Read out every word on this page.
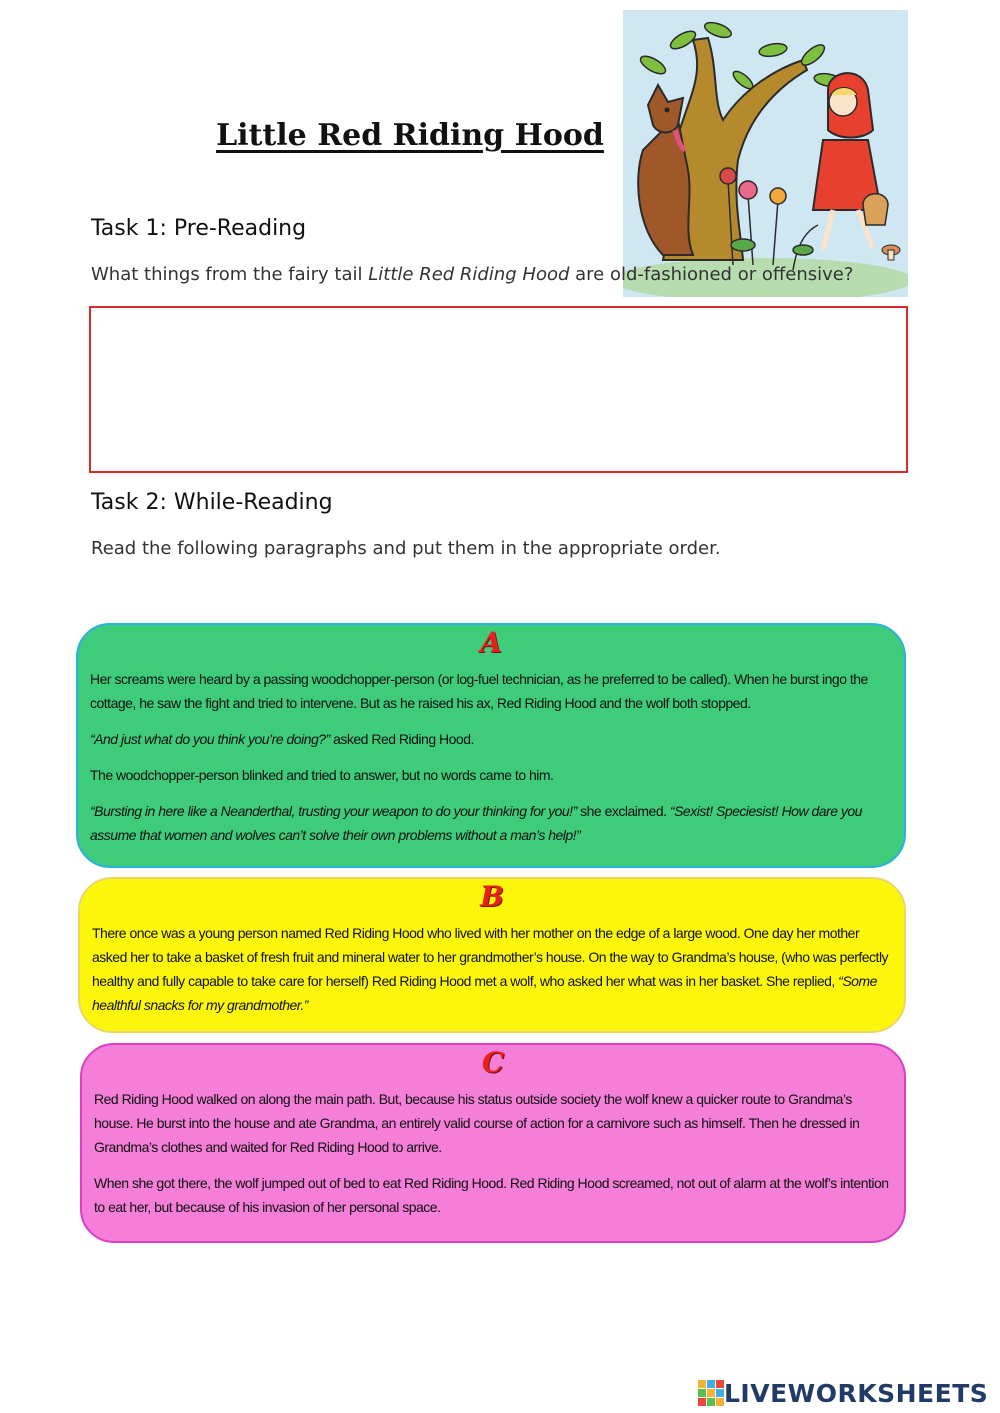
Little Red Riding Hood
Task 1: Pre-Reading
What things from the fairy tail Little Red Riding Hood are old-fashioned or offensive?
Task 2: While-Reading
Read the following paragraphs and put them in the appropriate order.
A

Her screams were heard by a passing woodchopper-person (or log-fuel technician, as he preferred to be called). When he burst ingo the cottage, he saw the fight and tried to intervene. But as he raised his ax, Red Riding Hood and the wolf both stopped.

“And just what do you think you’re doing?” asked Red Riding Hood.

The woodchopper-person blinked and tried to answer, but no words came to him.

“Bursting in here like a Neanderthal, trusting your weapon to do your thinking for you!” she exclaimed. “Sexist! Speciesist! How dare you assume that women and wolves can’t solve their own problems without a man’s help!”

B

There once was a young person named Red Riding Hood who lived with her mother on the edge of a large wood. One day her mother asked her to take a basket of fresh fruit and mineral water to her grandmother’s house. On the way to Grandma’s house, (who was perfectly healthy and fully capable to take care for herself) Red Riding Hood met a wolf, who asked her what was in her basket. She replied, “Some healthful snacks for my grandmother.”

C

Red Riding Hood walked on along the main path. But, because his status outside society the wolf knew a quicker route to Grandma’s house. He burst into the house and ate Grandma, an entirely valid course of action for a carnivore such as himself. Then he dressed in Grandma’s clothes and waited for Red Riding Hood to arrive.

When she got there, the wolf jumped out of bed to eat Red Riding Hood. Red Riding Hood screamed, not out of alarm at the wolf’s intention to eat her, but because of his invasion of her personal space.

LIVEWORKSHEETS
